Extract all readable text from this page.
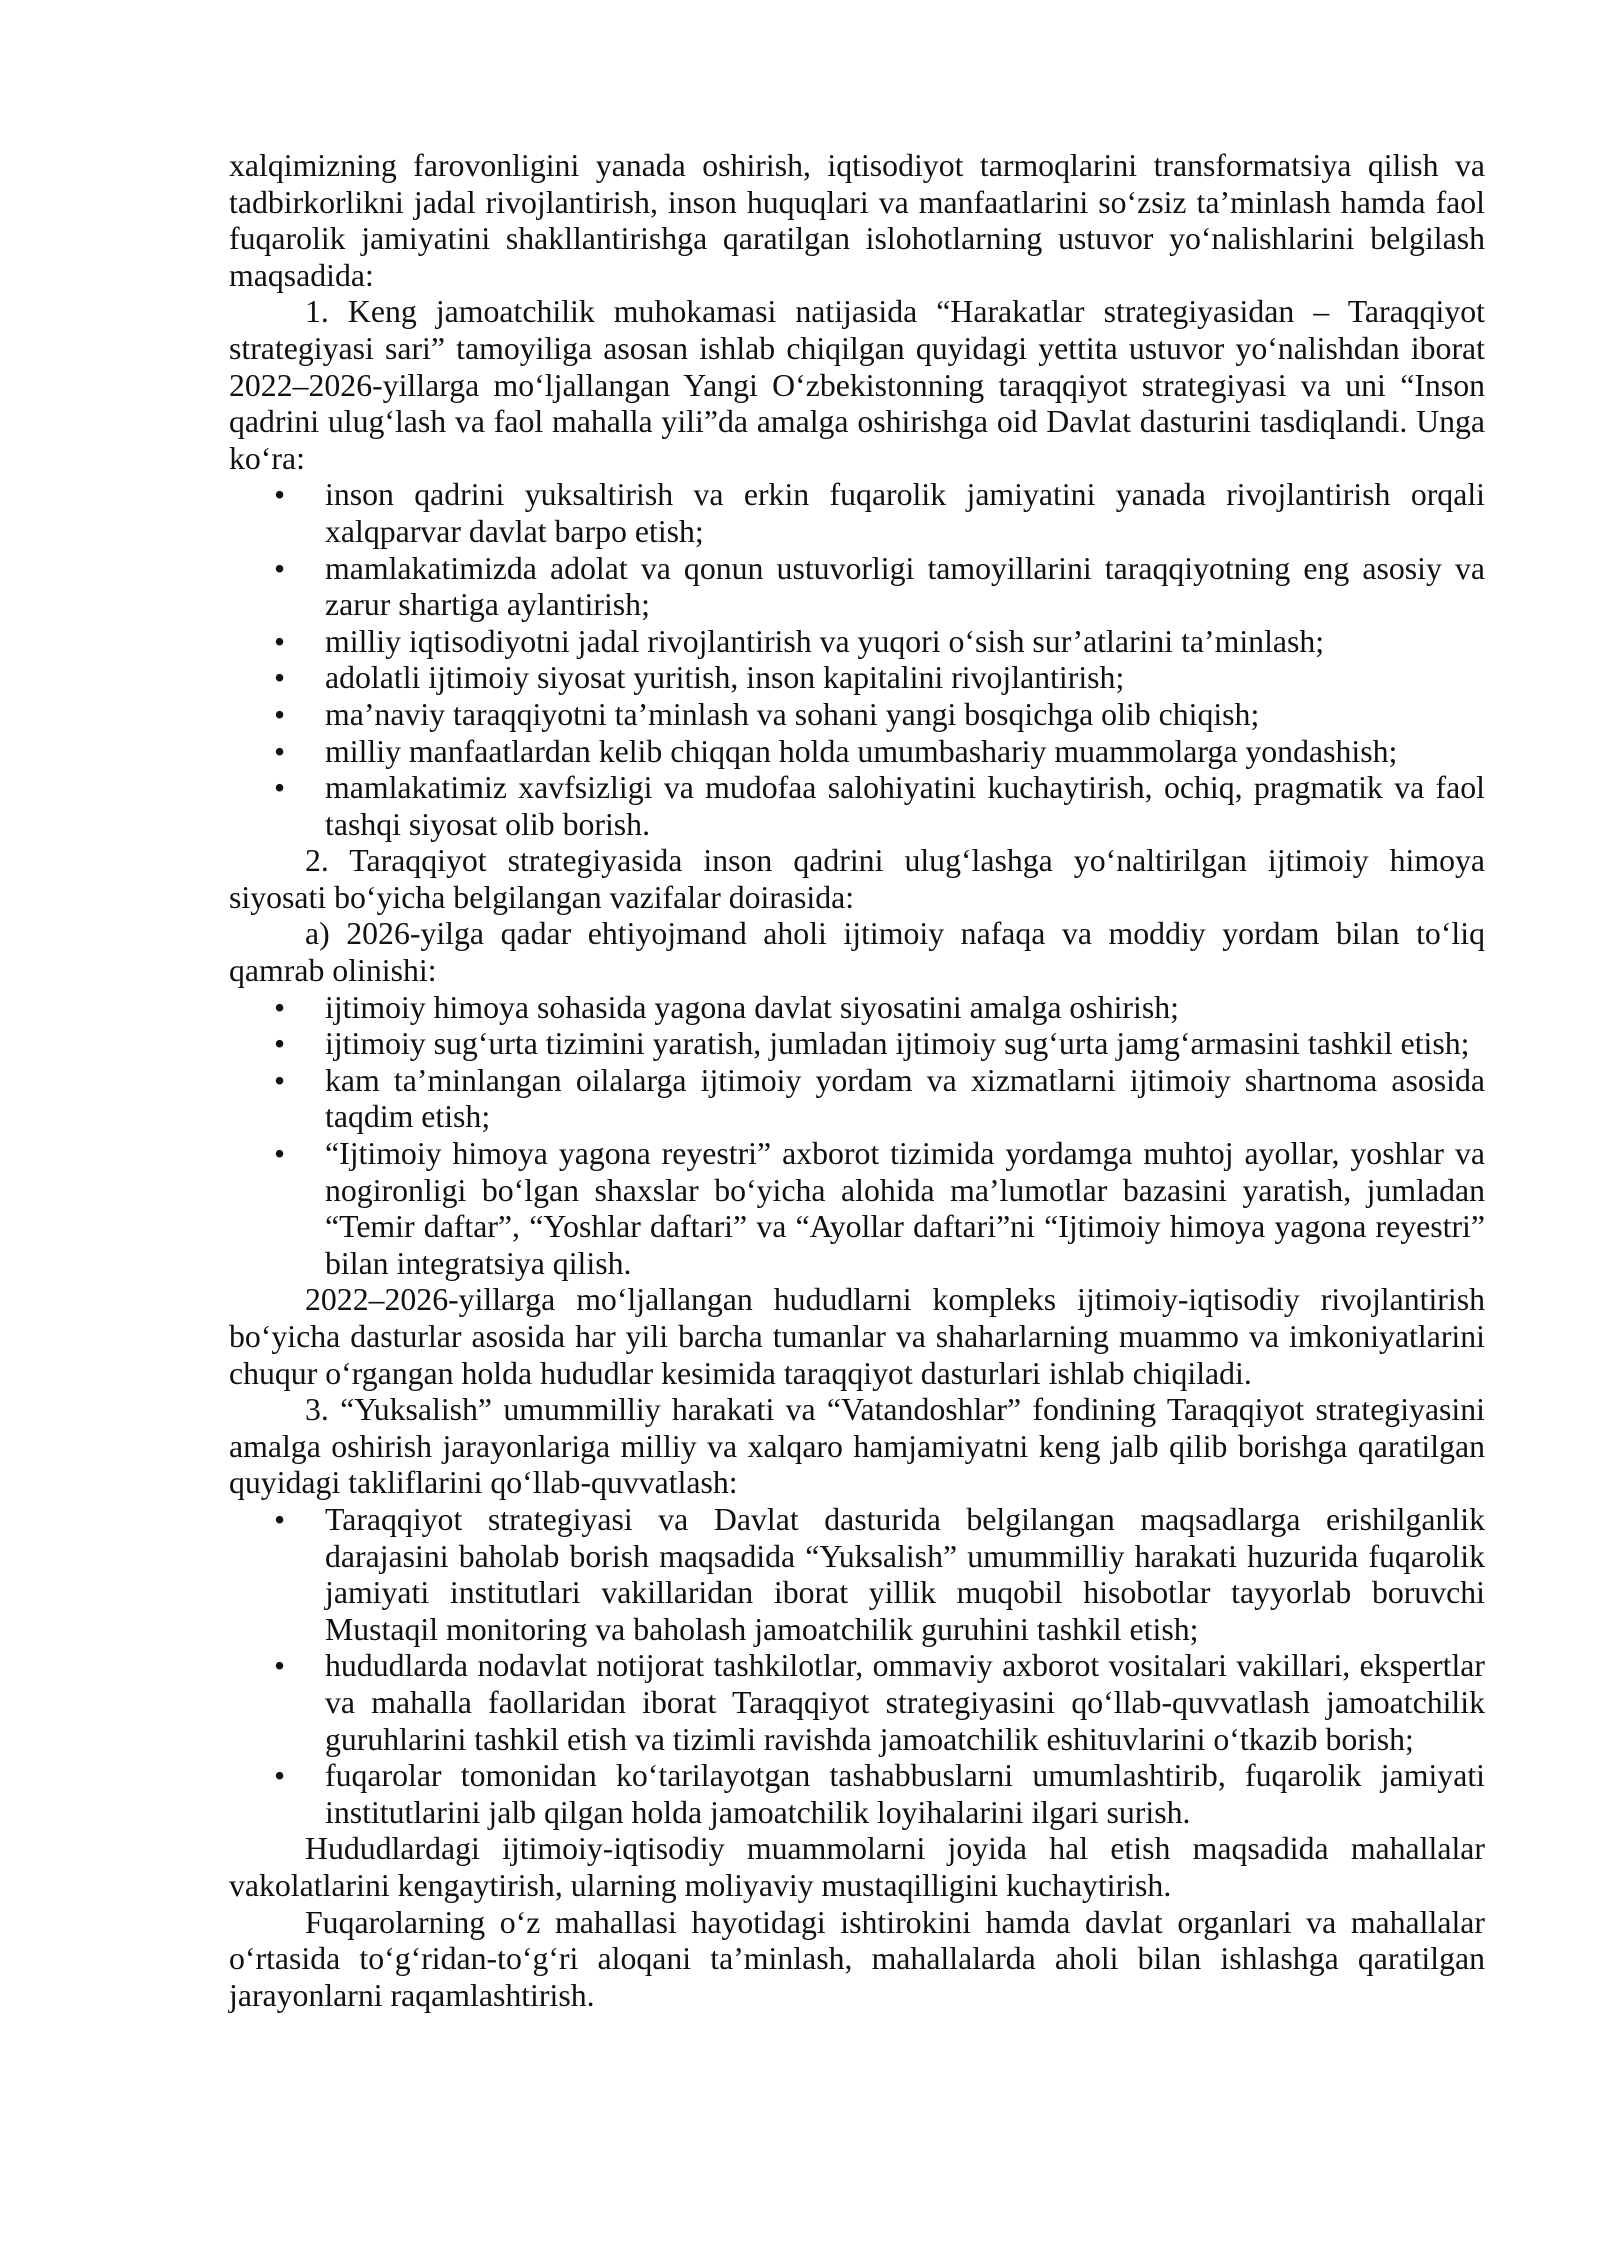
xalqimizning farovonligini yanada oshirish, iqtisodiyot tarmoqlarini transformatsiya qilish va tadbirkorlikni jadal rivojlantirish, inson huquqlari va manfaatlarini so‘zsiz ta’minlash hamda faol fuqarolik jamiyatini shakllantirishga qaratilgan islohotlarning ustuvor yo‘nalishlarini belgilash maqsadida:

1. Keng jamoatchilik muhokamasi natijasida “Harakatlar strategiyasidan – Taraqqiyot strategiyasi sari” tamoyiliga asosan ishlab chiqilgan quyidagi yettita ustuvor yo‘nalishdan iborat 2022–2026-yillarga mo‘ljallangan Yangi O‘zbekistonning taraqqiyot strategiyasi va uni “Inson qadrini ulug‘lash va faol mahalla yili”da amalga oshirishga oid Davlat dasturini tasdiqlandi. Unga ko‘ra:

• inson qadrini yuksaltirish va erkin fuqarolik jamiyatini yanada rivojlantirish orqali xalqparvar davlat barpo etish;
• mamlakatimizda adolat va qonun ustuvorligi tamoyillarini taraqqiyotning eng asosiy va zarur shartiga aylantirish;
• milliy iqtisodiyotni jadal rivojlantirish va yuqori o‘sish sur’atlarini ta’minlash;
• adolatli ijtimoiy siyosat yuritish, inson kapitalini rivojlantirish;
• ma’naviy taraqqiyotni ta’minlash va sohani yangi bosqichga olib chiqish;
• milliy manfaatlardan kelib chiqqan holda umumbashariy muammolarga yondashish;
• mamlakatimiz xavfsizligi va mudofaa salohiyatini kuchaytirish, ochiq, pragmatik va faol tashqi siyosat olib borish.

2. Taraqqiyot strategiyasida inson qadrini ulug‘lashga yo‘naltirilgan ijtimoiy himoya siyosati bo‘yicha belgilangan vazifalar doirasida:

a) 2026-yilga qadar ehtiyojmand aholi ijtimoiy nafaqa va moddiy yordam bilan to‘liq qamrab olinishi:

• ijtimoiy himoya sohasida yagona davlat siyosatini amalga oshirish;
• ijtimoiy sug‘urta tizimini yaratish, jumladan ijtimoiy sug‘urta jamg‘armasini tashkil etish;
• kam ta’minlangan oilalarga ijtimoiy yordam va xizmatlarni ijtimoiy shartnoma asosida taqdim etish;
• “Ijtimoiy himoya yagona reyestri” axborot tizimida yordamga muhtoj ayollar, yoshlar va nogironligi bo‘lgan shaxslar bo‘yicha alohida ma’lumotlar bazasini yaratish, jumladan “Temir daftar”, “Yoshlar daftari” va “Ayollar daftari”ni “Ijtimoiy himoya yagona reyestri” bilan integratsiya qilish.

2022–2026-yillarga mo‘ljallangan hududlarni kompleks ijtimoiy-iqtisodiy rivojlantirish bo‘yicha dasturlar asosida har yili barcha tumanlar va shaharlarning muammo va imkoniyatlarini chuqur o‘rgangan holda hududlar kesimida taraqqiyot dasturlari ishlab chiqiladi.

3. “Yuksalish” umummilliy harakati va “Vatandoshlar” fondining Taraqqiyot strategiyasini amalga oshirish jarayonlariga milliy va xalqaro hamjamiyatni keng jalb qilib borishga qaratilgan quyidagi takliflarini qo‘llab-quvvatlash:

• Taraqqiyot strategiyasi va Davlat dasturida belgilangan maqsadlarga erishilganlik darajasini baholab borish maqsadida “Yuksalish” umummilliy harakati huzurida fuqarolik jamiyati institutlari vakillaridan iborat yillik muqobil hisobotlar tayyorlab boruvchi Mustaqil monitoring va baholash jamoatchilik guruhini tashkil etish;
• hududlarda nodavlat notijorat tashkilotlar, ommaviy axborot vositalari vakillari, ekspertlar va mahalla faollaridan iborat Taraqqiyot strategiyasini qo‘llab-quvvatlash jamoatchilik guruhlarini tashkil etish va tizimli ravishda jamoatchilik eshituvlarini o‘tkazib borish;
• fuqarolar tomonidan ko‘tarilayotgan tashabbuslarni umumlashtirib, fuqarolik jamiyati institutlarini jalb qilgan holda jamoatchilik loyihalarini ilgari surish.

Hududlardagi ijtimoiy-iqtisodiy muammolarni joyida hal etish maqsadida mahallalar vakolatlarini kengaytirish, ularning moliyaviy mustaqilligini kuchaytirish.

Fuqarolarning o‘z mahallasi hayotidagi ishtirokini hamda davlat organlari va mahallalar o‘rtasida to‘g‘ridan-to‘g‘ri aloqani ta’minlash, mahallalarda aholi bilan ishlashga qaratilgan jarayonlarni raqamlashtirish.
